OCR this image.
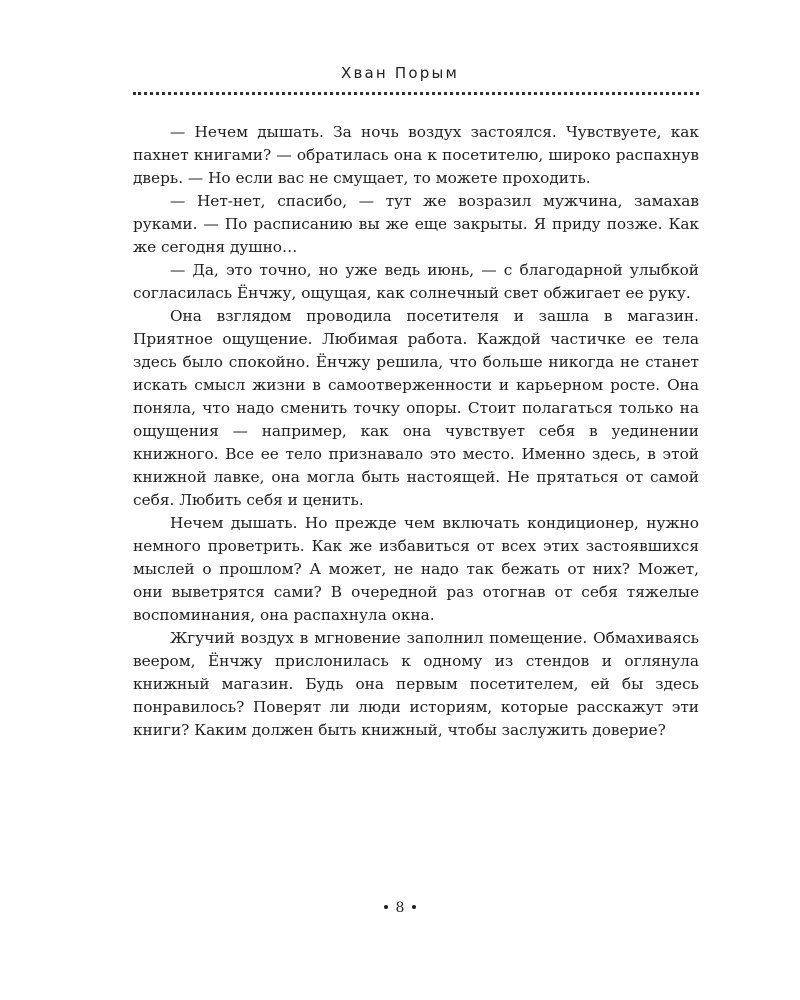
Хван Порым

— Нечем дышать. За ночь воздух застоялся. Чувствуете, как пахнет книгами? — обратилась она к посетителю, широко распахнув дверь. — Но если вас не смущает, то можете проходить.

— Нет-нет, спасибо, — тут же возразил мужчина, замахав руками. — По расписанию вы же еще закрыты. Я приду позже. Как же сегодня душно…

— Да, это точно, но уже ведь июнь, — с благодарной улыбкой согласилась Ёнчжу, ощущая, как солнечный свет обжигает ее руку.

Она взглядом проводила посетителя и зашла в магазин. Приятное ощущение. Любимая работа. Каждой частичке ее тела здесь было спокойно. Ёнчжу решила, что больше никогда не станет искать смысл жизни в самоотверженности и карьерном росте. Она поняла, что надо сменить точку опоры. Стоит полагаться только на ощущения — например, как она чувствует себя в уединении книжного. Все ее тело признавало это место. Именно здесь, в этой книжной лавке, она могла быть настоящей. Не прятаться от самой себя. Любить себя и ценить.

Нечем дышать. Но прежде чем включать кондиционер, нужно немного проветрить. Как же избавиться от всех этих застоявшихся мыслей о прошлом? А может, не надо так бежать от них? Может, они выветрятся сами? В очередной раз отогнав от себя тяжелые воспоминания, она распахнула окна.

Жгучий воздух в мгновение заполнил помещение. Обмахиваясь веером, Ёнчжу прислонилась к одному из стендов и оглянула книжный магазин. Будь она первым посетителем, ей бы здесь понравилось? Поверят ли люди историям, которые расскажут эти книги? Каким должен быть книжный, чтобы заслужить доверие?

8
